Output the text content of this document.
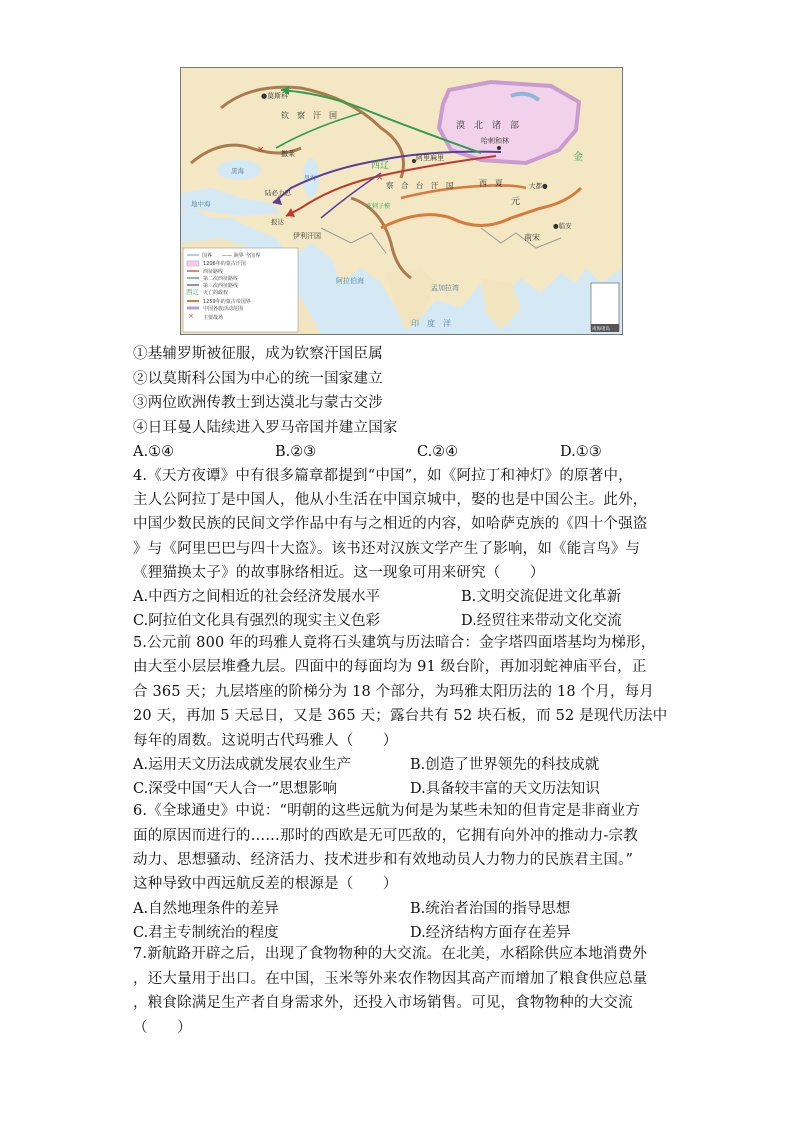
×
×
●莫斯科
钦　察　汗　国
漠　北　诸　部
哈剌和林
阿里麻里
察　合　台　汗　国	西　夏
金
元
大都●
南宋
●临安
撒莱
报达
陆必力思
伊利汗国
黑海
地中海
里海
阿拉伯海
孟加拉湾
印　度　洋
花剌子模
西辽
西辽
×
国界　　—— 洲界 今国界
1206年的蒙古汗国
西征路线
第二次西征路线
第三次西征路线
灭亡的政权
1259年的蒙古帝国界
中国各族活动范围
主要战场
南海诸岛
①基辅罗斯被征服，成为钦察汗国臣属
②以莫斯科公国为中心的统一国家建立
③两位欧洲传教士到达漠北与蒙古交涉
④日耳曼人陆续进入罗马帝国并建立国家
4.《天方夜谭》中有很多篇章都提到“中国”，如《阿拉丁和神灯》的原著中，
主人公阿拉丁是中国人，他从小生活在中国京城中，娶的也是中国公主。此外，
中国少数民族的民间文学作品中有与之相近的内容，如哈萨克族的《四十个强盗
》与《阿里巴巴与四十大盗》。该书还对汉族文学产生了影响，如《能言鸟》与
《狸猫换太子》的故事脉络相近。这一现象可用来研究（　　）
5.公元前 800 年的玛雅人竟将石头建筑与历法暗合：金字塔四面塔基均为梯形，
由大至小层层堆叠九层。四面中的每面均为 91 级台阶，再加羽蛇神庙平台，正
合 365 天；九层塔座的阶梯分为 18 个部分，为玛雅太阳历法的 18 个月，每月
20 天，再加 5 天忌日，又是 365 天；露台共有 52 块石板，而 52 是现代历法中
每年的周数。这说明古代玛雅人（　　）
6.《全球通史》中说：“明朝的这些远航为何是为某些未知的但肯定是非商业方
面的原因而进行的……那时的西欧是无可匹敌的，它拥有向外冲的推动力-宗教
动力、思想骚动、经济活力、技术进步和有效地动员人力物力的民族君主国。”
这种导致中西远航反差的根源是（　　）
7.新航路开辟之后，出现了食物物种的大交流。在北美，水稻除供应本地消费外
，还大量用于出口。在中国，玉米等外来农作物因其高产而增加了粮食供应总量
，粮食除满足生产者自身需求外，还投入市场销售。可见，食物物种的大交流
（　　）
A.①④	B.②③	C.②④	D.①③
A.中西方之间相近的社会经济发展水平	B.文明交流促进文化革新
C.阿拉伯文化具有强烈的现实主义色彩	D.经贸往来带动文化交流
A.运用天文历法成就发展农业生产	B.创造了世界领先的科技成就
C.深受中国“天人合一”思想影响	D.具备较丰富的天文历法知识
A.自然地理条件的差异	B.统治者治国的指导思想
C.君主专制统治的程度	D.经济结构方面存在差异
